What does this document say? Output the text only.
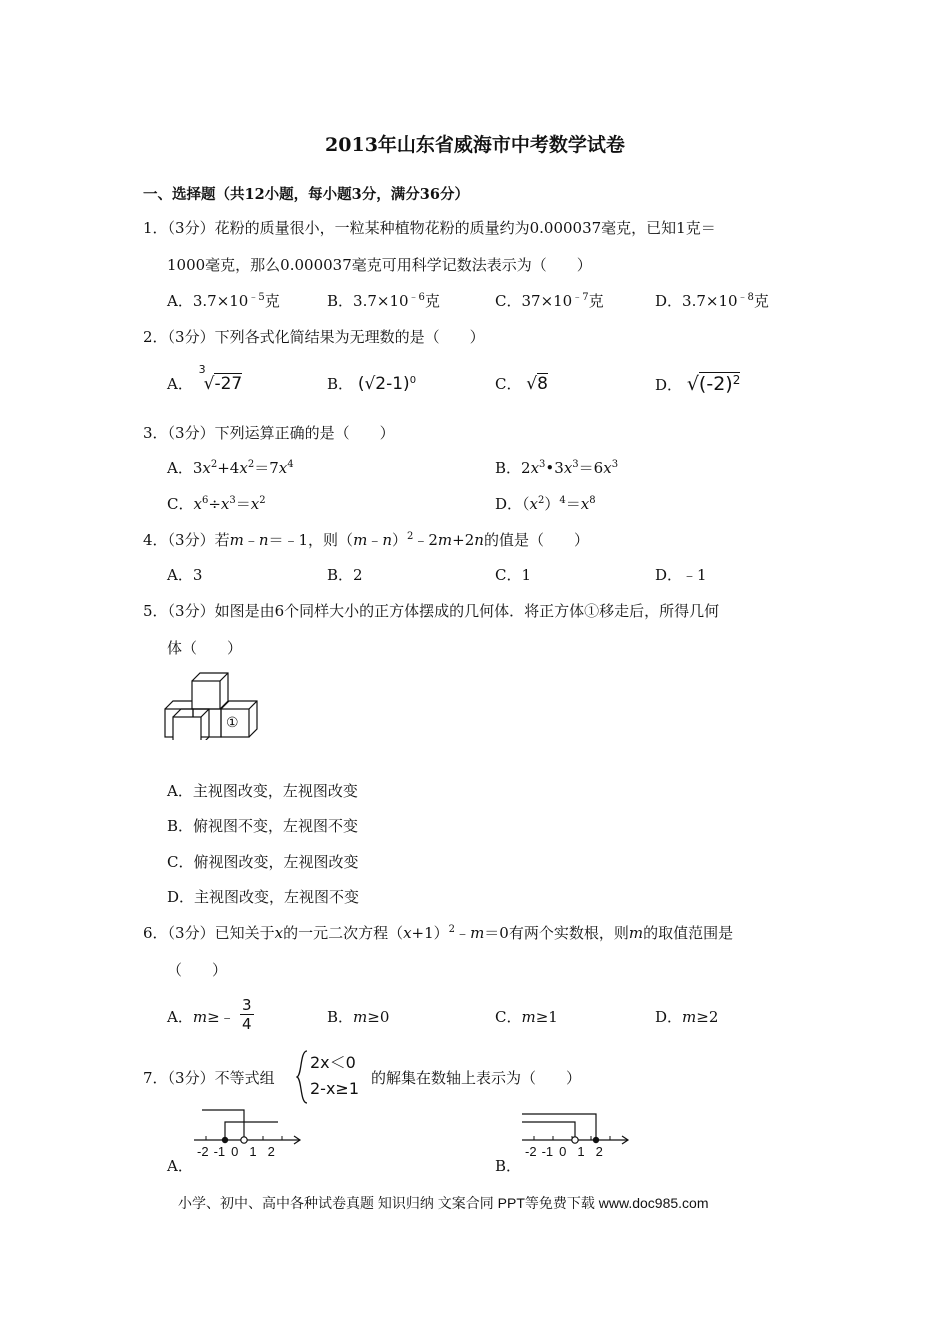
2013年山东省威海市中考数学试卷
一、选择题（共12小题，每小题3分，满分36分）
1．（3分）花粉的质量很小，一粒某种植物花粉的质量约为0.000037毫克，已知1克＝
1000毫克，那么0.000037毫克可用科学记数法表示为（　　）
A．$3.7\times 10^{﹣5}$克	B．$3.7\times 10^{﹣6}$克	C．$37\times 10^{﹣7}$克	D．$3.7\times 10^{﹣8}$克
2．（3分）下列各式化简结果为无理数的是（　　）
A．
3
√-27	B． $(√2-1)^0$	C． √8	D． $√(-2)^2$
3．（3分）下列运算正确的是（　　）
A．$3x^2+4x^2=7x^4$	B．$2x^3•3x^3=6x^3$
C．$x^6\div x^3=x^2$	D．$(x^2)^4=x^8$
4．（3分）若m﹣n＝﹣1，则（m﹣n）$^2$﹣2m+2n的值是（　　）
A．3	B．2	C．1	D．﹣1
5．（3分）如图是由6个同样大小的正方体摆成的几何体．将正方体①移走后，所得几何
体（　　）
①
A．主视图改变，左视图改变
B．俯视图不变，左视图不变
C．俯视图改变，左视图改变
D．主视图改变，左视图不变
6．（3分）已知关于x的一元二次方程$(x+1)^2﹣m=0$有两个实数根，则m的取值范围是
（　　）
A．m≥﹣
3
4	B．m≥0	C．m≥1	D．m≥2
7．（3分）不等式组
2x＜0
2-x≥1
的解集在数轴上表示为（　　）
A．
-2 -1 0 1 2
B．
-2 -1 0 1 2
小学、初中、高中各种试卷真题 知识归纳 文案合同 PPT等免费下载 www.doc985.com
